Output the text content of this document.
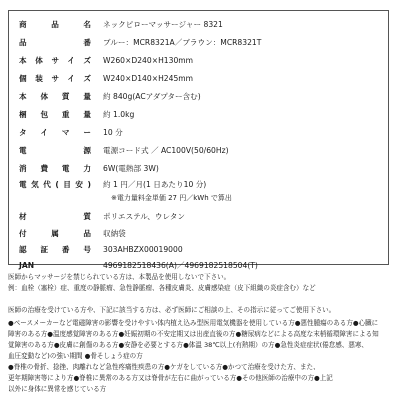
商品名 ネックピローマッサージャー 8321
品番 ブルー：MCR8321A／ブラウン：MCR8321T
本体サイズ W260×D240×H130mm
個装サイズ W240×D140×H245mm
本体質量 約 840g(ACアダプター含む)
梱包重量 約 1.0kg
タイマー 10 分
電源 電源コード式 ／ AC100V(50/60Hz)
消費電力 6W(電熱部 3W)
電気代(目安) 約 1 円／月(1 日あたり10 分)
※電力量料金単価 27 円／kWh で算出
材質 ポリエステル、ウレタン
付属品 収納袋
認証番号 303AHBZX00019000
JAN	4969182518436(A)／4969182518504(T)
医師からマッサージを禁じられている方は、本製品を使用しないで下さい。
例：血栓（塞栓）症、重度の静脈瘤、急性静脈瘤、各種皮膚炎、皮膚感染症（皮下組織の炎症含む）など
医師の治療を受けている方や、下記に該当する方は、必ず医師にご相談の上、その指示に従ってご使用下さい。
●ペースメーカーなど電磁障害の影響を受けやすい体内植え込み型医用電気機器を使用している方●悪性腫瘍のある方●心臓に
障害のある方●温度感覚障害のある方●妊娠初期の不安定期又は出産直後の方●糖尿病などによる高度な末梢循環障害による知
覚障害のある方●皮膚に創傷のある方●安静を必要とする方●体温 38℃以上(有熱期）の方●急性炎症症状(倦怠感、悪寒、
血圧変動など)の強い期間 ●骨そしょう症の方
●脊椎の骨折、捻挫、肉離れなど急性疼痛性疾患の方●ケガをしている方●かつて治療を受けた方、また、
更年期障害等により方●脊椎に異常のある方又は脊骨が左右に曲がっている方●その他医師の治療中の方●上記
以外に身体に異常を感じている方
